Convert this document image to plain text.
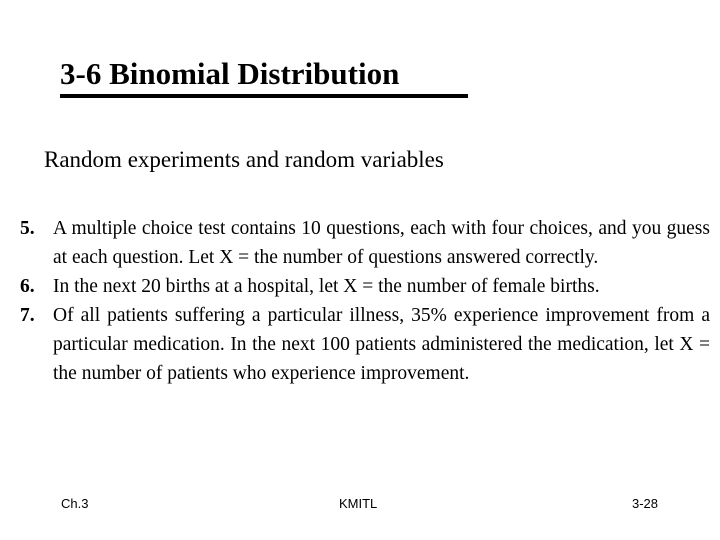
3-6 Binomial Distribution
Random experiments and random variables
5. A multiple choice test contains 10 questions, each with four choices, and you guess at each question. Let X = the number of questions answered correctly.
6. In the next 20 births at a hospital, let X = the number of female births.
7. Of all patients suffering a particular illness, 35% experience improvement from a particular medication. In the next 100 patients administered the medication, let X = the number of patients who experience improvement.
Ch.3	KMITL	3-28
